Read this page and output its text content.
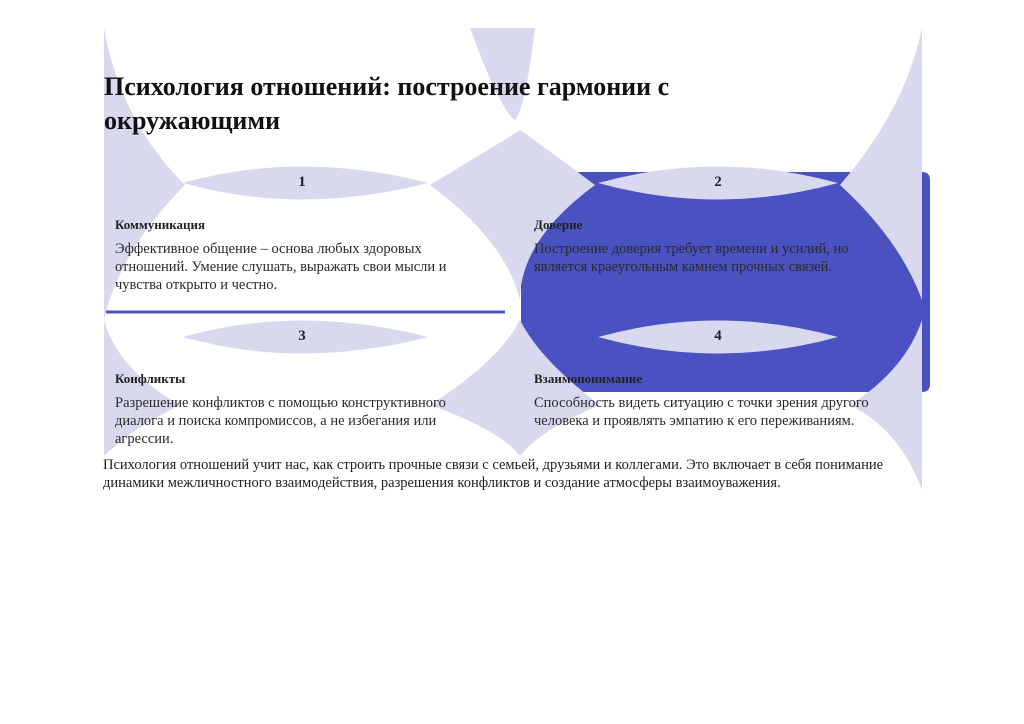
Психология отношений: построение гармонии с окружающими
1
Коммуникация
Эффективное общение – основа любых здоровых отношений. Умение слушать, выражать свои мысли и чувства открыто и честно.
2
Доверие
Построение доверия требует времени и усилий, но является краеугольным камнем прочных связей.
3
Конфликты
Разрешение конфликтов с помощью конструктивного диалога и поиска компромиссов, а не избегания или агрессии.
4
Взаимопонимание
Способность видеть ситуацию с точки зрения другого человека и проявлять эмпатию к его переживаниям.
Психология отношений учит нас, как строить прочные связи с семьей, друзьями и коллегами. Это включает в себя понимание динамики межличностного взаимодействия, разрешения конфликтов и создание атмосферы взаимоуважения.
